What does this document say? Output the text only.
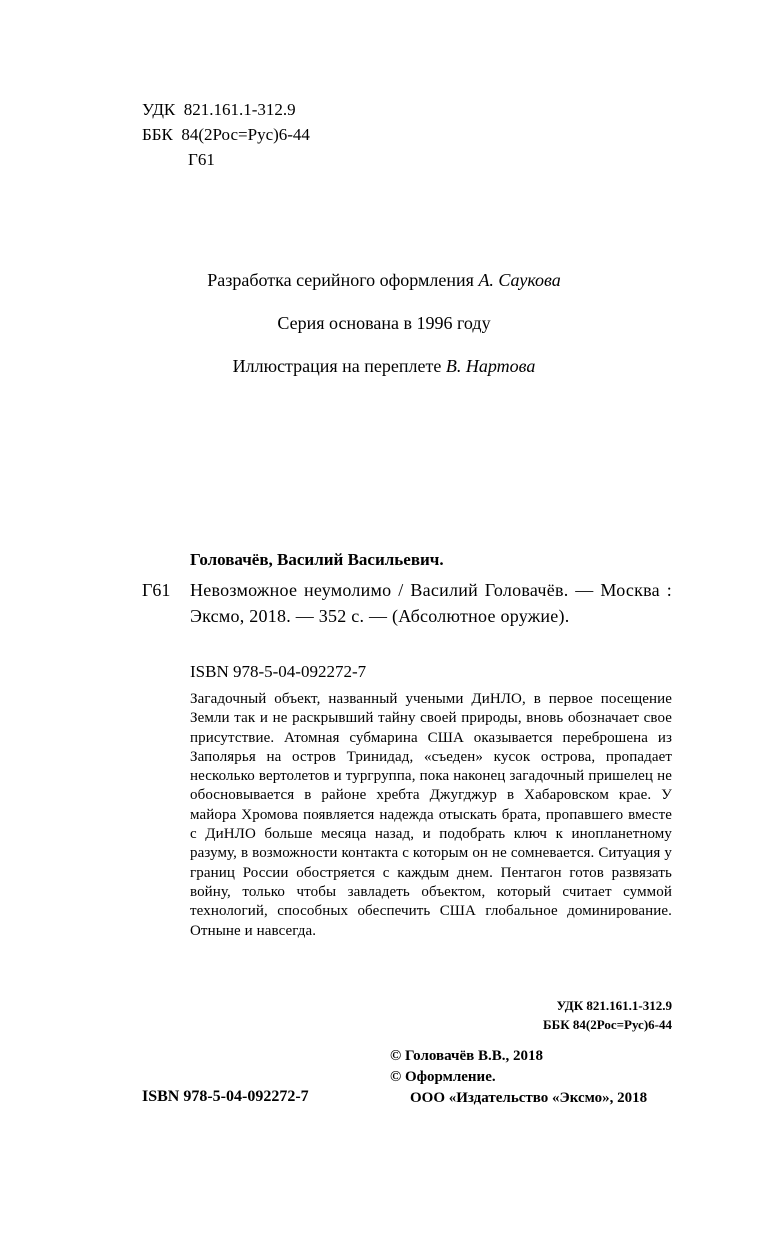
УДК  821.161.1-312.9
ББК  84(2Рос=Рус)6-44
Г61

Разработка серийного оформления А. Саукова

Серия основана в 1996 году

Иллюстрация на переплете В. Нартова

Головачёв, Василий Васильевич.
Г61 Невозможное неумолимо / Василий Головачёв. — Москва : Эксмо, 2018. — 352 с. — (Абсолютное оружие).
ISBN 978-5-04-092272-7
Загадочный объект, названный учеными ДиНЛО, в первое посещение Земли так и не раскрывший тайну своей природы, вновь обозначает свое присутствие. Атомная субмарина США оказывается переброшена из Заполярья на остров Тринидад, «съеден» кусок острова, пропадает несколько вертолетов и тургруппа, пока наконец загадочный пришелец не обосновывается в районе хребта Джугджур в Хабаровском крае. У майора Хромова появляется надежда отыскать брата, пропавшего вместе с ДиНЛО больше месяца назад, и подобрать ключ к инопланетному разуму, в возможности контакта с которым он не сомневается. Ситуация у границ России обостряется с каждым днем. Пентагон готов развязать войну, только чтобы завладеть объектом, который считает суммой технологий, способных обеспечить США глобальное доминирование. Отныне и навсегда.
УДК 821.161.1-312.9
ББК 84(2Рос=Рус)6-44
© Головачёв В.В., 2018
© Оформление.
ООО «Издательство «Эксмо», 2018
ISBN 978-5-04-092272-7
